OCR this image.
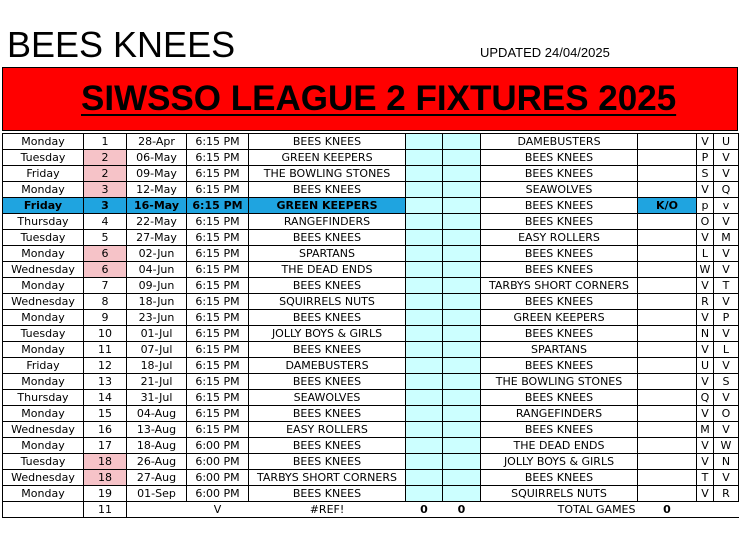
BEES KNEES	UPDATED 24/04/2025
SIWSSO LEAGUE 2 FIXTURES 2025
Monday	1	28-Apr	6:15 PM	BEES KNEES			DAMEBUSTERS		V	U
Tuesday	2	06-May	6:15 PM	GREEN KEEPERS			BEES KNEES		P	V
Friday	2	09-May	6:15 PM	THE BOWLING STONES			BEES KNEES		S	V
Monday	3	12-May	6:15 PM	BEES KNEES			SEAWOLVES		V	Q
Friday	3	16-May	6:15 PM	GREEN KEEPERS			BEES KNEES	K/O	p	v
Thursday	4	22-May	6:15 PM	RANGEFINDERS			BEES KNEES		O	V
Tuesday	5	27-May	6:15 PM	BEES KNEES			EASY ROLLERS		V	M
Monday	6	02-Jun	6:15 PM	SPARTANS			BEES KNEES		L	V
Wednesday	6	04-Jun	6:15 PM	THE DEAD ENDS			BEES KNEES		W	V
Monday	7	09-Jun	6:15 PM	BEES KNEES			TARBYS SHORT CORNERS		V	T
Wednesday	8	18-Jun	6:15 PM	SQUIRRELS NUTS			BEES KNEES		R	V
Monday	9	23-Jun	6:15 PM	BEES KNEES			GREEN KEEPERS		V	P
Tuesday	10	01-Jul	6:15 PM	JOLLY BOYS & GIRLS			BEES KNEES		N	V
Monday	11	07-Jul	6:15 PM	BEES KNEES			SPARTANS		V	L
Friday	12	18-Jul	6:15 PM	DAMEBUSTERS			BEES KNEES		U	V
Monday	13	21-Jul	6:15 PM	BEES KNEES			THE BOWLING STONES		V	S
Thursday	14	31-Jul	6:15 PM	SEAWOLVES			BEES KNEES		Q	V
Monday	15	04-Aug	6:15 PM	BEES KNEES			RANGEFINDERS		V	O
Wednesday	16	13-Aug	6:15 PM	EASY ROLLERS			BEES KNEES		M	V
Monday	17	18-Aug	6:00 PM	BEES KNEES			THE DEAD ENDS		V	W
Tuesday	18	26-Aug	6:00 PM	BEES KNEES			JOLLY BOYS & GIRLS		V	N
Wednesday	18	27-Aug	6:00 PM	TARBYS SHORT CORNERS			BEES KNEES		T	V
Monday	19	01-Sep	6:00 PM	BEES KNEES			SQUIRRELS NUTS		V	R
	11		V	#REF!	0	0	TOTAL GAMES	0		
